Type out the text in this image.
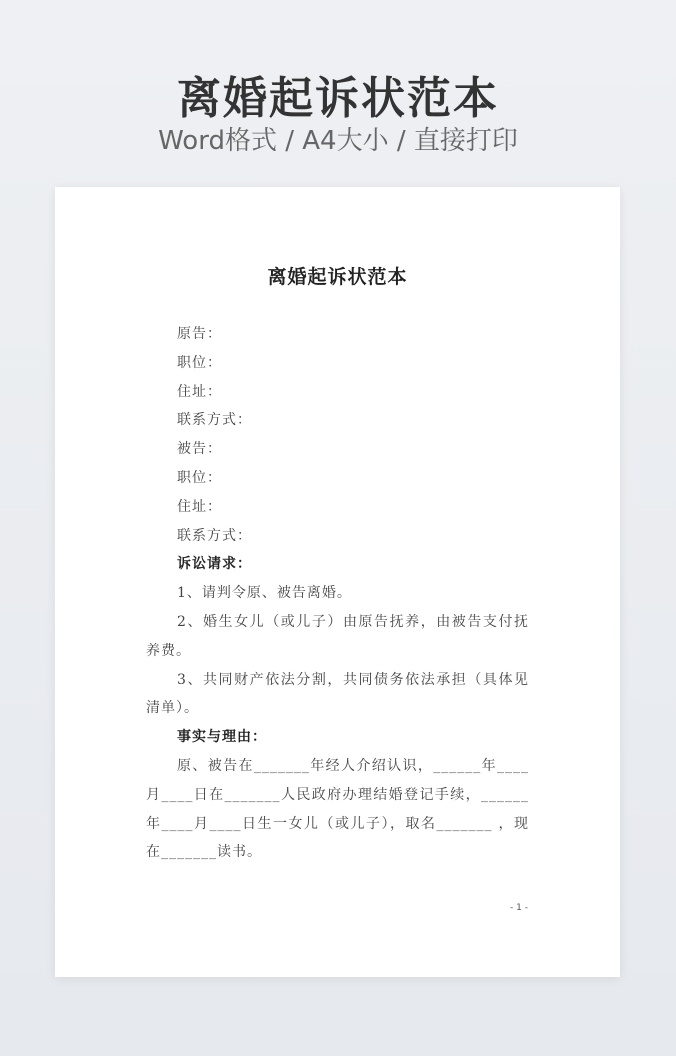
离婚起诉状范本

Word格式 / A4大小 / 直接打印

离婚起诉状范本
原告：
职位：
住址：
联系方式：
被告：
职位：
住址：
联系方式：
诉讼请求：
1、请判令原、被告离婚。
2、婚生女儿（或儿子）由原告抚养，由被告支付抚养费。
3、共同财产依法分割，共同债务依法承担（具体见清单）。
事实与理由：
原、被告在_______年经人介绍认识，______年____月____日在_______人民政府办理结婚登记手续，______年____月____日生一女儿（或儿子），取名_______ ，现在_______读书。
- 1 -
